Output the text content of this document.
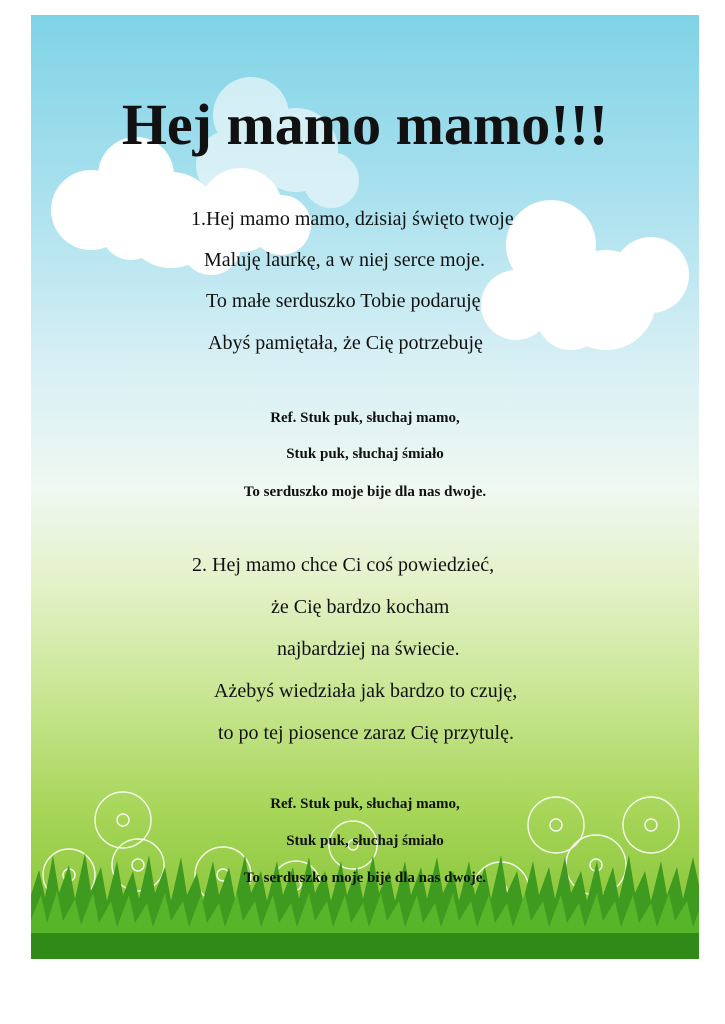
Hej mamo mamo!!!

1.Hej mamo mamo, dzisiaj święto twoje

Maluję laurkę, a w niej serce moje.

To małe serduszko Tobie podaruję

Abyś pamiętała, że Cię potrzebuję

Ref. Stuk puk, słuchaj mamo,

Stuk puk, słuchaj śmiało

To serduszko moje bije dla nas dwoje.

2. Hej mamo chce Ci coś powiedzieć,

że Cię bardzo kocham

najbardziej na świecie.

Ażebyś wiedziała jak bardzo to czuję,

to po tej piosence zaraz Cię przytulę.

Ref. Stuk puk, słuchaj mamo,

Stuk puk, słuchaj śmiało

To serduszko moje bije dla nas dwoje.
